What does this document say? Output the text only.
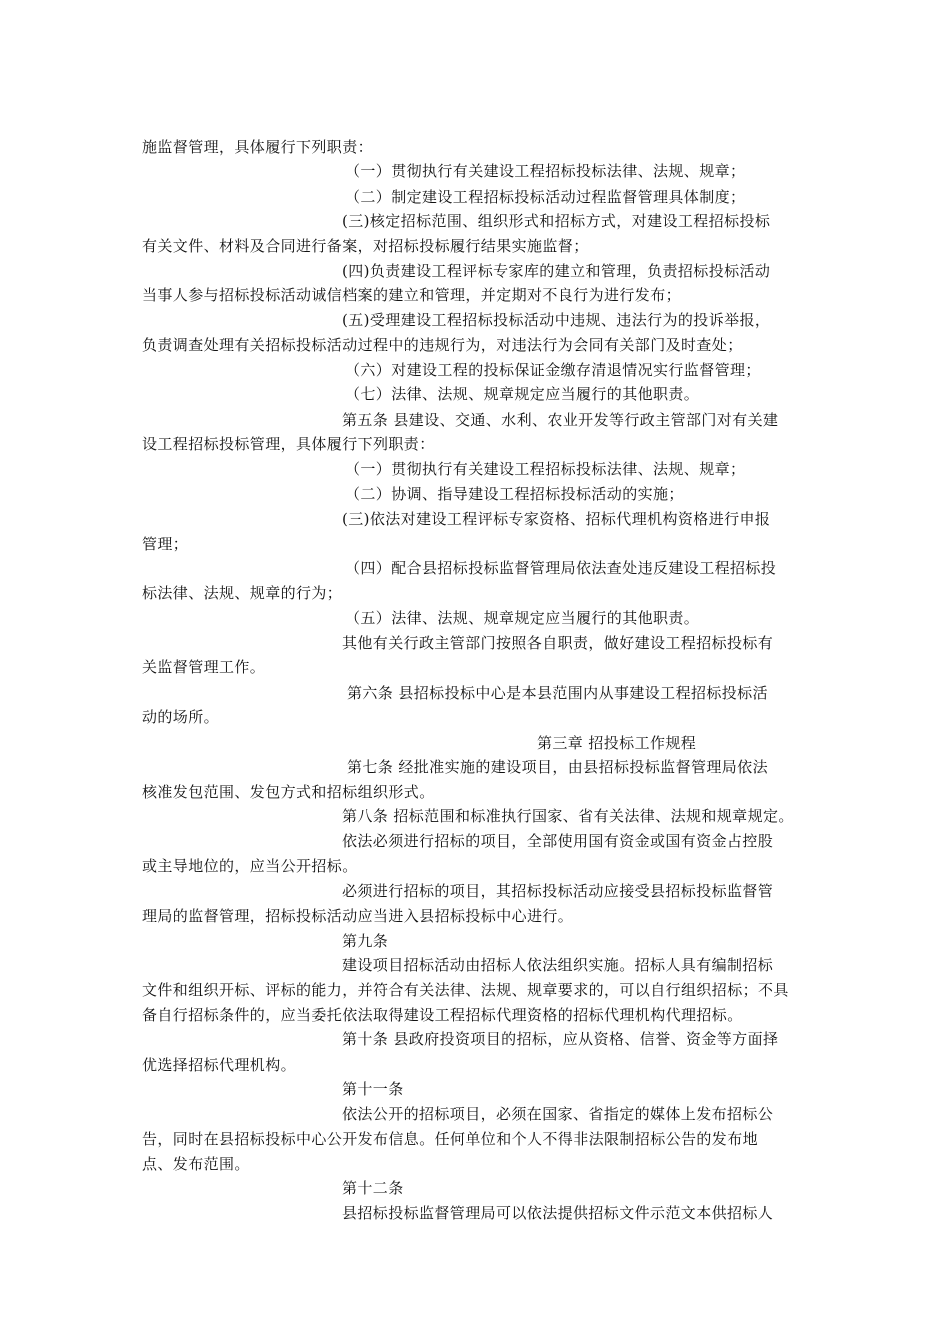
施监督管理，具体履行下列职责：
（一）贯彻执行有关建设工程招标投标法律、法规、规章；
（二）制定建设工程招标投标活动过程监督管理具体制度；
(三)核定招标范围、组织形式和招标方式，对建设工程招标投标
有关文件、材料及合同进行备案，对招标投标履行结果实施监督；
(四)负责建设工程评标专家库的建立和管理，负责招标投标活动
当事人参与招标投标活动诚信档案的建立和管理，并定期对不良行为进行发布；
(五)受理建设工程招标投标活动中违规、违法行为的投诉举报，
负责调查处理有关招标投标活动过程中的违规行为，对违法行为会同有关部门及时查处；
（六）对建设工程的投标保证金缴存清退情况实行监督管理；
（七）法律、法规、规章规定应当履行的其他职责。
第五条 县建设、交通、水利、农业开发等行政主管部门对有关建
设工程招标投标管理，具体履行下列职责：
（一）贯彻执行有关建设工程招标投标法律、法规、规章；
（二）协调、指导建设工程招标投标活动的实施；
(三)依法对建设工程评标专家资格、招标代理机构资格进行申报
管理；
（四）配合县招标投标监督管理局依法查处违反建设工程招标投
标法律、法规、规章的行为；
（五）法律、法规、规章规定应当履行的其他职责。
其他有关行政主管部门按照各自职责，做好建设工程招标投标有
关监督管理工作。
第六条 县招标投标中心是本县范围内从事建设工程招标投标活
动的场所。
第三章 招投标工作规程
第七条 经批准实施的建设项目，由县招标投标监督管理局依法
核准发包范围、发包方式和招标组织形式。
第八条 招标范围和标准执行国家、省有关法律、法规和规章规定。
依法必须进行招标的项目，全部使用国有资金或国有资金占控股
或主导地位的，应当公开招标。
必须进行招标的项目，其招标投标活动应接受县招标投标监督管
理局的监督管理，招标投标活动应当进入县招标投标中心进行。
第九条
建设项目招标活动由招标人依法组织实施。招标人具有编制招标
文件和组织开标、评标的能力，并符合有关法律、法规、规章要求的，可以自行组织招标；不具
备自行招标条件的，应当委托依法取得建设工程招标代理资格的招标代理机构代理招标。
第十条 县政府投资项目的招标，应从资格、信誉、资金等方面择
优选择招标代理机构。
第十一条
依法公开的招标项目，必须在国家、省指定的媒体上发布招标公
告，同时在县招标投标中心公开发布信息。任何单位和个人不得非法限制招标公告的发布地
点、发布范围。
第十二条
县招标投标监督管理局可以依法提供招标文件示范文本供招标人
